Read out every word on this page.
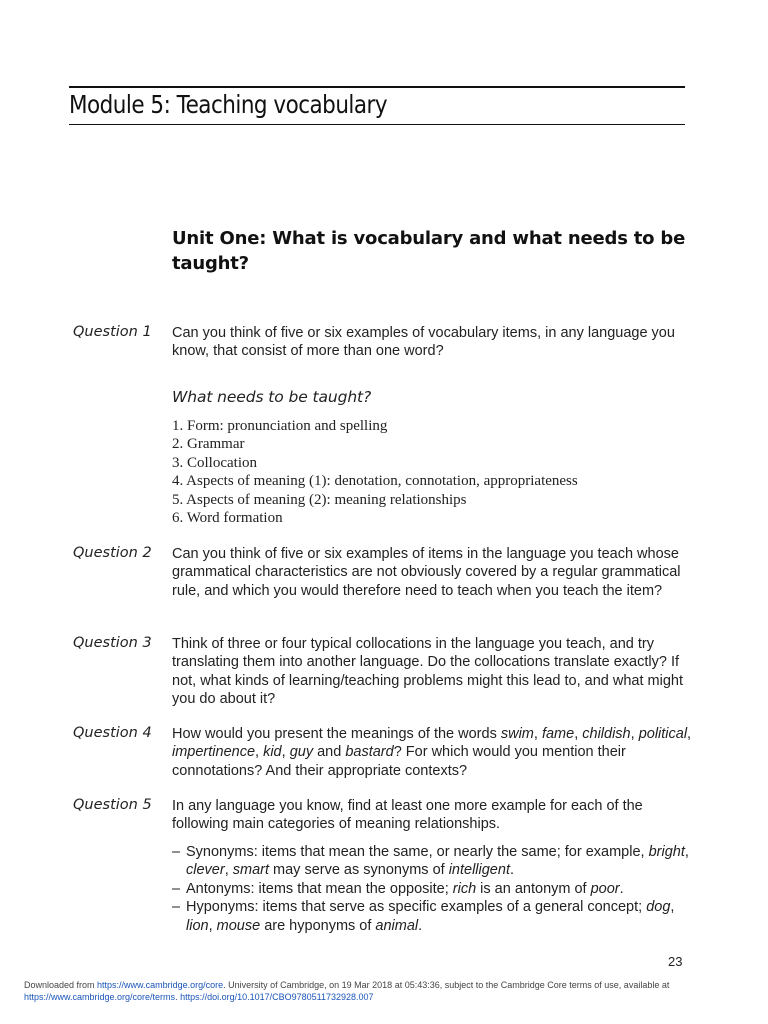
Module 5: Teaching vocabulary
Unit One: What is vocabulary and what needs to be taught?
Question 1 Can you think of five or six examples of vocabulary items, in any language you know, that consist of more than one word?
What needs to be taught?
1. Form: pronunciation and spelling
2. Grammar
3. Collocation
4. Aspects of meaning (1): denotation, connotation, appropriateness
5. Aspects of meaning (2): meaning relationships
6. Word formation
Question 2 Can you think of five or six examples of items in the language you teach whose grammatical characteristics are not obviously covered by a regular grammatical rule, and which you would therefore need to teach when you teach the item?
Question 3 Think of three or four typical collocations in the language you teach, and try translating them into another language. Do the collocations translate exactly? If not, what kinds of learning/teaching problems might this lead to, and what might you do about it?
Question 4 How would you present the meanings of the words swim, fame, childish, political, impertinence, kid, guy and bastard? For which would you mention their connotations? And their appropriate contexts?
Question 5 In any language you know, find at least one more example for each of the following main categories of meaning relationships.
– Synonyms: items that mean the same, or nearly the same; for example, bright, clever, smart may serve as synonyms of intelligent.
– Antonyms: items that mean the opposite; rich is an antonym of poor.
– Hyponyms: items that serve as specific examples of a general concept; dog, lion, mouse are hyponyms of animal.
23
Downloaded from https://www.cambridge.org/core. University of Cambridge, on 19 Mar 2018 at 05:43:36, subject to the Cambridge Core terms of use, available at
https://www.cambridge.org/core/terms. https://doi.org/10.1017/CBO9780511732928.007
